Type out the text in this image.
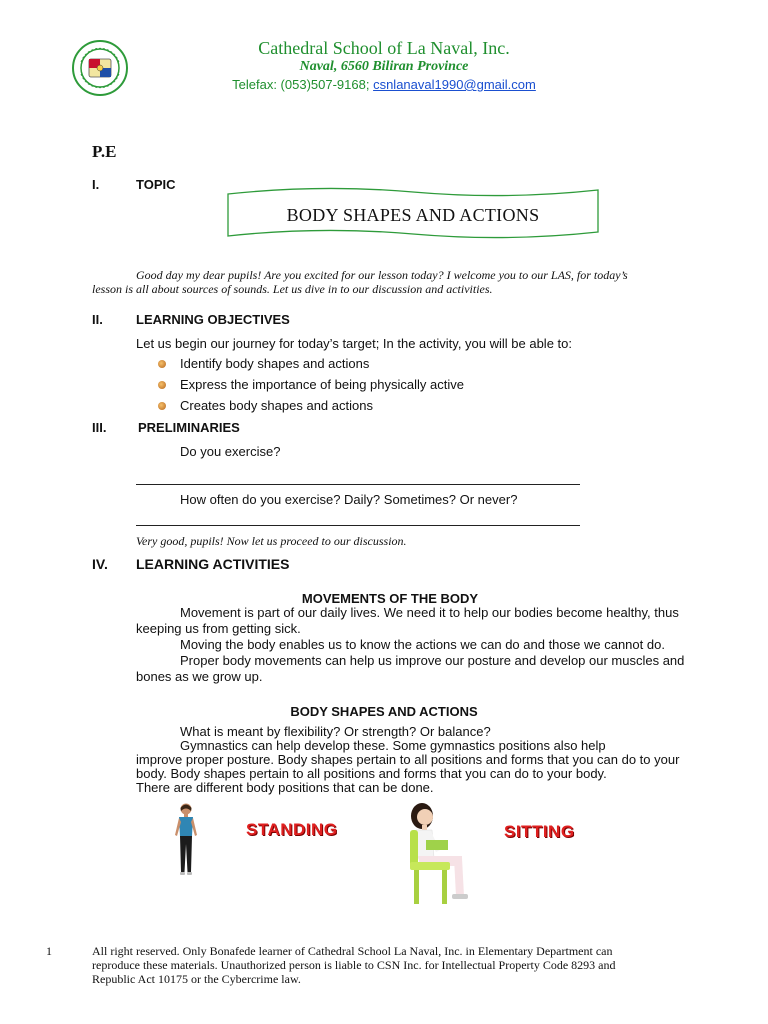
Cathedral School of La Naval, Inc.
Naval, 6560 Biliran Province
Telefax: (053)507-9168; csnlanaval1990@gmail.com
P.E
I.	TOPIC
BODY SHAPES AND ACTIONS
Good day my dear pupils! Are you excited for our lesson today? I welcome you to our LAS, for today’s
lesson is all about sources of sounds. Let us dive in to our discussion and activities.
II.	LEARNING OBJECTIVES
Let us begin our journey for today’s target; In the activity, you will be able to:
Identify body shapes and actions
Express the importance of being physically active
Creates body shapes and actions
III. PRELIMINARIES
Do you exercise?
How often do you exercise? Daily? Sometimes? Or never?
Very good, pupils! Now let us proceed to our discussion.
IV. LEARNING ACTIVITIES
MOVEMENTS OF THE BODY
Movement is part of our daily lives. We need it to help our bodies become healthy, thus
keeping us from getting sick.
Moving the body enables us to know the actions we can do and those we cannot do.
Proper body movements can help us improve our posture and develop our muscles and
bones as we grow up.
BODY SHAPES AND ACTIONS
What is meant by flexibility? Or strength? Or balance?
Gymnastics can help develop these. Some gymnastics positions also help
improve proper posture. Body shapes pertain to all positions and forms that you can do to your
body. Body shapes pertain to all positions and forms that you can do to your body.
There are different body positions that can be done.
STANDING	SITTING
1	All right reserved. Only Bonafede learner of Cathedral School La Naval, Inc. in Elementary Department can
reproduce these materials. Unauthorized person is liable to CSN Inc. for Intellectual Property Code 8293 and
Republic Act 10175 or the Cybercrime law.
